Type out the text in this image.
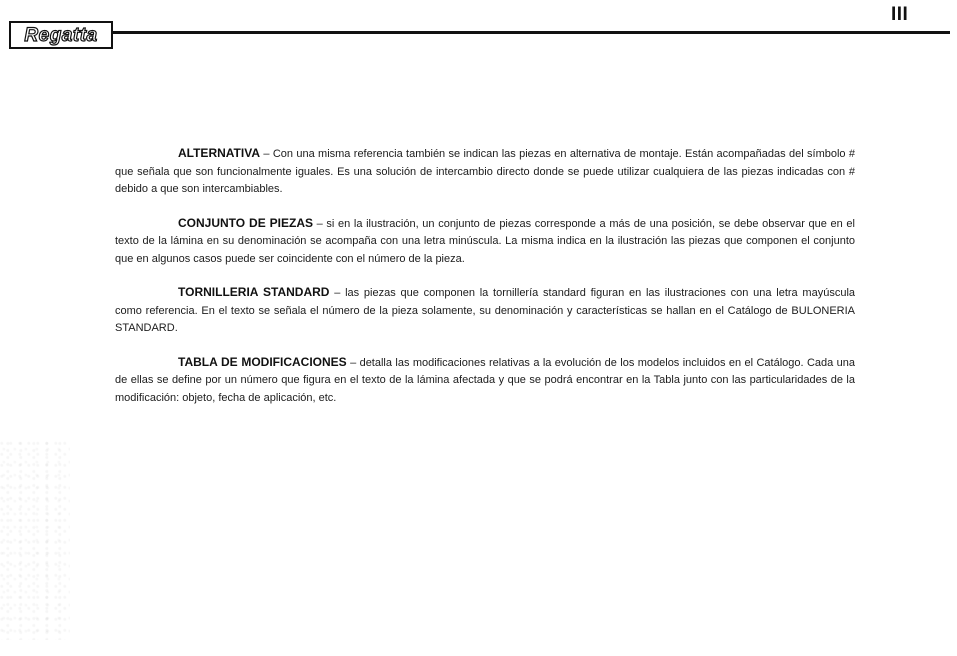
Regatta
III

ALTERNATIVA – Con una misma referencia también se indican las piezas en alternativa de montaje. Están acompañadas del símbolo # que señala que son funcionalmente iguales. Es una solución de intercambio directo donde se puede utilizar cualquiera de las piezas indicadas con # debido a que son intercambiables.

CONJUNTO DE PIEZAS – si en la ilustración, un conjunto de piezas corresponde a más de una posición, se debe observar que en el texto de la lámina en su denominación se acompaña con una letra minúscula. La misma indica en la ilustración las piezas que componen el conjunto que en algunos casos puede ser coincidente con el número de la pieza.

TORNILLERIA STANDARD – las piezas que componen la tornillería standard figuran en las ilustraciones con una letra mayúscula como referencia. En el texto se señala el número de la pieza solamente, su denominación y características se hallan en el Catálogo de BULONERIA STANDARD.

TABLA DE MODIFICACIONES – detalla las modificaciones relativas a la evolución de los modelos incluidos en el Catálogo. Cada una de ellas se define por un número que figura en el texto de la lámina afectada y que se podrá encontrar en la Tabla junto con las particularidades de la modificación: objeto, fecha de aplicación, etc.
